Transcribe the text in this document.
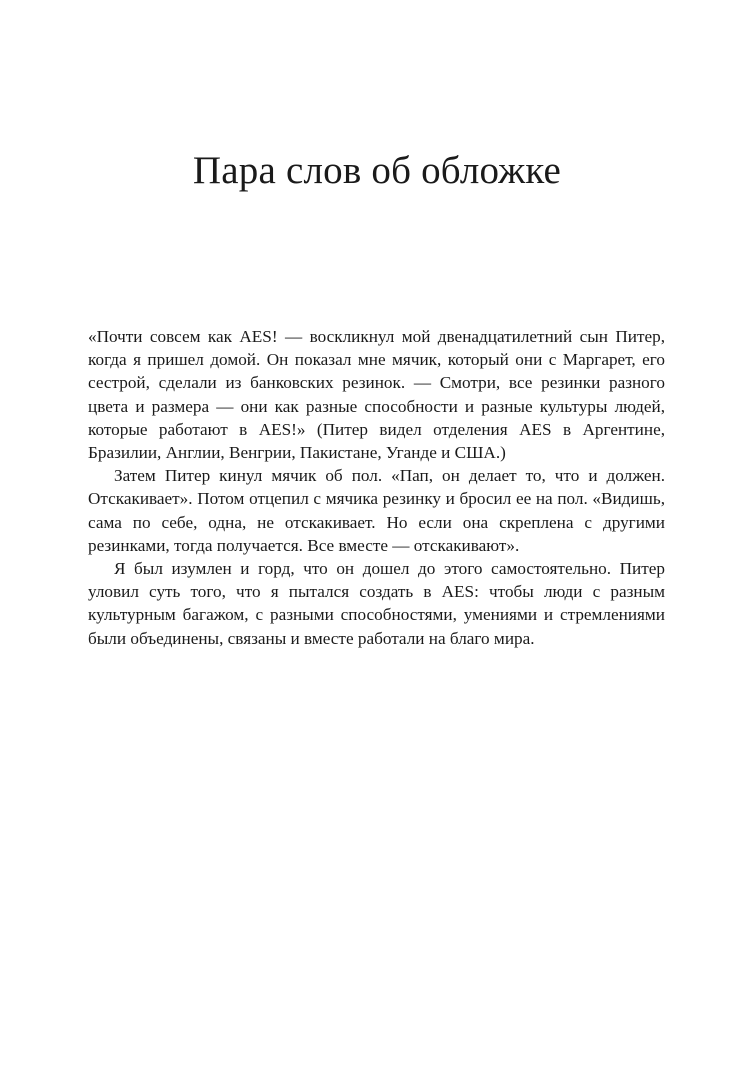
Пара слов об обложке

«Почти совсем как AES! — воскликнул мой двенадцатилетний сын Питер, когда я пришел домой. Он показал мне мячик, который они с Маргарет, его сестрой, сделали из банковских резинок. — Смотри, все резинки разного цвета и размера — они как разные способности и разные культуры людей, которые работают в AES!» (Питер видел отделения AES в Аргентине, Бразилии, Англии, Венгрии, Пакистане, Уганде и США.)

Затем Питер кинул мячик об пол. «Пап, он делает то, что и должен. Отскакивает». Потом отцепил с мячика резинку и бросил ее на пол. «Видишь, сама по себе, одна, не отскакивает. Но если она скреплена с другими резинками, тогда получается. Все вместе — отскакивают».

Я был изумлен и горд, что он дошел до этого самостоятельно. Питер уловил суть того, что я пытался создать в AES: чтобы люди с разным культурным багажом, с разными способностями, умениями и стремлениями были объединены, связаны и вместе работали на благо мира.
